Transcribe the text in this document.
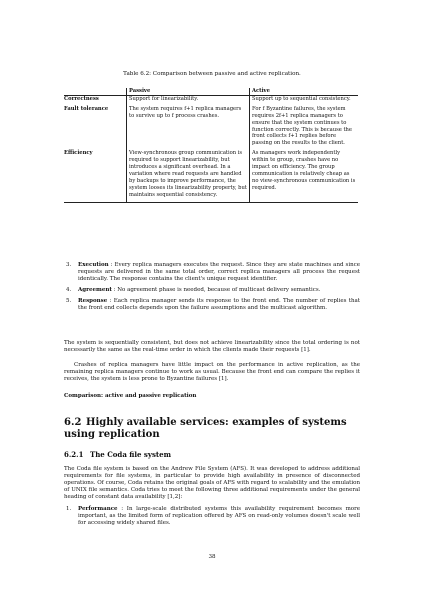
Table 6.2: Comparison between passive and active replication.
	Passive	Active
Correctness	Support for linearizability.	Support up to sequential consistency.
Fault tolerance	The system requires f+1 replica managers to survive up to f process crashes.	For f Byzantine failures, the system requires 2f+1 replica managers to ensure that the system continues to function correctly. This is because the front collects f+1 replies before passing on the results to the client.
Efficiency	View-synchronous group communication is required to support linearizability, but introduces a significant overhead. In a variation where read requests are handled by backups to improve performance, the system looses its linearizability property, but maintains sequential consistency.	As managers work independently within te group, crashes have no impact on efficiency. The group communication is relatively cheap as no view-synchronous communication is required.
3. Execution : Every replica managers executes the request. Since they are state machines and since requests are delivered in the same total order, correct replica managers all process the request identically. The response contains the client's unique request identifier.
4. Agreement : No agreement phase is needed, because of multicast delivery semantics.
5. Response : Each replica manager sends its response to the front end. The number of replies that the front end collects depends upon the failure assumptions and the multicast algorithm.
The system is sequentially consistent, but does not achieve linearizability since the total ordering is not necessarily the same as the real-time order in which the clients made their requests [1].
Crashes of replica managers have little impact on the performance in active replication, as the remaining replica managers continue to work as usual. Because the front end can compare the replies it receives, the system is less prone to Byzantine failures [1].
Comparison: active and passive replication
6.2 Highly available services: examples of systems using replication
6.2.1 The Coda file system
The Coda file system is based on the Andrew File System (AFS). It was developed to address additional requirements for file systems, in particular to provide high availability in presence of disconnected operations. Of course, Coda retains the original goals of AFS with regard to scalability and the emulation of UNIX file semantics. Coda tries to meet the following three additional requirements under the general heading of constant data availability [1,2]:
1. Performance : In large-scale distributed systems this availability requirement becomes more important, as the limited form of replication offered by AFS on read-only volumes doesn't scale well for accessing widely shared files.
38
